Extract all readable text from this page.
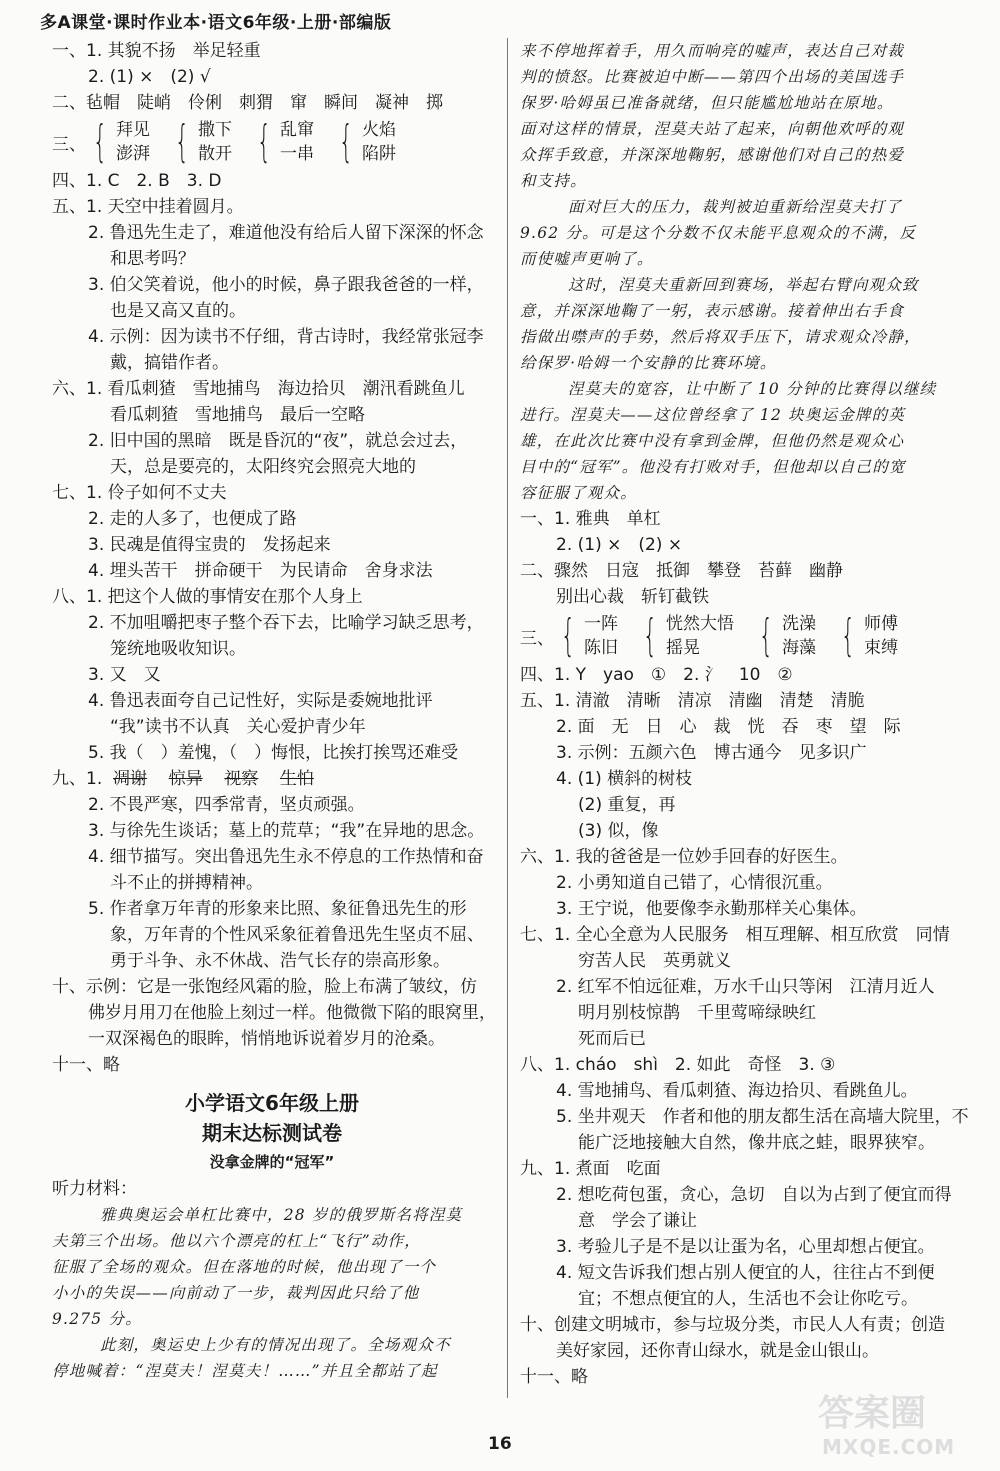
多A课堂·课时作业本·语文6年级·上册·部编版
一、1. 其貌不扬　举足轻重
2. (1) ×　(2) √
二、毡帽　陡峭　伶俐　刺猬　窜　瞬间　凝神　掷
三、 { 拜见
澎湃 { 撒下
散开 { 乱窜
一串 { 火焰
陷阱
四、1. C　2. B　3. D
五、1. 天空中挂着圆月。
2. 鲁迅先生走了，难道他没有给后人留下深深的怀念
和思考吗？
3. 伯父笑着说，他小的时候，鼻子跟我爸爸的一样，
也是又高又直的。
4. 示例：因为读书不仔细，背古诗时，我经常张冠李
戴，搞错作者。
六、1. 看瓜刺猹　雪地捕鸟　海边拾贝　潮汛看跳鱼儿
看瓜刺猹　雪地捕鸟　最后一空略
2. 旧中国的黑暗　既是昏沉的“夜”，就总会过去，
天，总是要亮的，太阳终究会照亮大地的
七、1. 伶子如何不丈夫
2. 走的人多了，也便成了路
3. 民魂是值得宝贵的　发扬起来
4. 埋头苦干　拼命硬干　为民请命　舍身求法
八、1. 把这个人做的事情安在那个人身上
2. 不加咀嚼把枣子整个吞下去，比喻学习缺乏思考，
笼统地吸收知识。
3. 又　又
4. 鲁迅表面夸自己记性好，实际是委婉地批评
“我”读书不认真　关心爱护青少年
5. 我（　）羞愧，（　）悔恨，比挨打挨骂还难受
九、1. 凋谢 惊异 视察 生怕
2. 不畏严寒，四季常青，坚贞顽强。
3. 与徐先生谈话；墓上的荒草；“我”在异地的思念。
4. 细节描写。突出鲁迅先生永不停息的工作热情和奋
斗不止的拼搏精神。
5. 作者拿万年青的形象来比照、象征鲁迅先生的形
象，万年青的个性风采象征着鲁迅先生坚贞不屈、
勇于斗争、永不休战、浩气长存的崇高形象。
十、示例：它是一张饱经风霜的脸，脸上布满了皱纹，仿
佛岁月用刀在他脸上刻过一样。他微微下陷的眼窝里，
一双深褐色的眼眸，悄悄地诉说着岁月的沧桑。
十一、略
小学语文6年级上册
期末达标测试卷
没拿金牌的“冠军”
听力材料：
雅典奥运会单杠比赛中，28 岁的俄罗斯名将涅莫
夫第三个出场。他以六个漂亮的杠上“飞行”动作，
征服了全场的观众。但在落地的时候，他出现了一个
小小的失误——向前动了一步，裁判因此只给了他
9.275 分。
此刻，奥运史上少有的情况出现了。全场观众不
停地喊着：“涅莫夫！涅莫夫！……”并且全都站了起
来不停地挥着手，用久而响亮的嘘声，表达自己对裁
判的愤怒。比赛被迫中断——第四个出场的美国选手
保罗·哈姆虽已准备就绪，但只能尴尬地站在原地。
面对这样的情景，涅莫夫站了起来，向朝他欢呼的观
众挥手致意，并深深地鞠躬，感谢他们对自己的热爱
和支持。
面对巨大的压力，裁判被迫重新给涅莫夫打了
9.62 分。可是这个分数不仅未能平息观众的不满，反
而使嘘声更响了。
这时，涅莫夫重新回到赛场，举起右臂向观众致
意，并深深地鞠了一躬，表示感谢。接着伸出右手食
指做出噤声的手势，然后将双手压下，请求观众冷静，
给保罗·哈姆一个安静的比赛环境。
涅莫夫的宽容，让中断了 10 分钟的比赛得以继续
进行。涅莫夫——这位曾经拿了 12 块奥运金牌的英
雄，在此次比赛中没有拿到金牌，但他仍然是观众心
目中的“冠军”。他没有打败对手，但他却以自己的宽
容征服了观众。
一、1. 雅典　单杠
2. (1) ×　(2) ×
二、骤然　日寇　抵御　攀登　苔藓　幽静
别出心裁　斩钉截铁
三、 { 一阵
陈旧 { 恍然大悟
摇晃	{ 洗澡
海藻 { 师傅
束缚
四、1. Y　yao　①　2. 氵　10　②
五、1. 清澈　清晰　清凉　清幽　清楚　清脆
2. 面　无　日　心　裁　恍　吞　枣　望　际
3. 示例：五颜六色　博古通今　见多识广
4. (1) 横斜的树枝
(2) 重复，再
(3) 似，像
六、1. 我的爸爸是一位妙手回春的好医生。
2. 小勇知道自己错了，心情很沉重。
3. 王宁说，他要像李永勤那样关心集体。
七、1. 全心全意为人民服务　相互理解、相互欣赏　同情
穷苦人民　英勇就义
2. 红军不怕远征难，万水千山只等闲　江清月近人
明月别枝惊鹊　千里莺啼绿映红
死而后已
八、1. cháo　shì　2. 如此　奇怪　3. ③
4. 雪地捕鸟、看瓜刺猹、海边拾贝、看跳鱼儿。
5. 坐井观天　作者和他的朋友都生活在高墙大院里，不
能广泛地接触大自然，像井底之蛙，眼界狭窄。
九、1. 煮面　吃面
2. 想吃荷包蛋，贪心，急切　自以为占到了便宜而得
意　学会了谦让
3. 考验儿子是不是以让蛋为名，心里却想占便宜。
4. 短文告诉我们想占别人便宜的人，往往占不到便
宜；不想点便宜的人，生活也不会让你吃亏。
十、创建文明城市，参与垃圾分类，市民人人有责；创造
美好家园，还你青山绿水，就是金山银山。
十一、略
16
答案圈
MXQE.COM
